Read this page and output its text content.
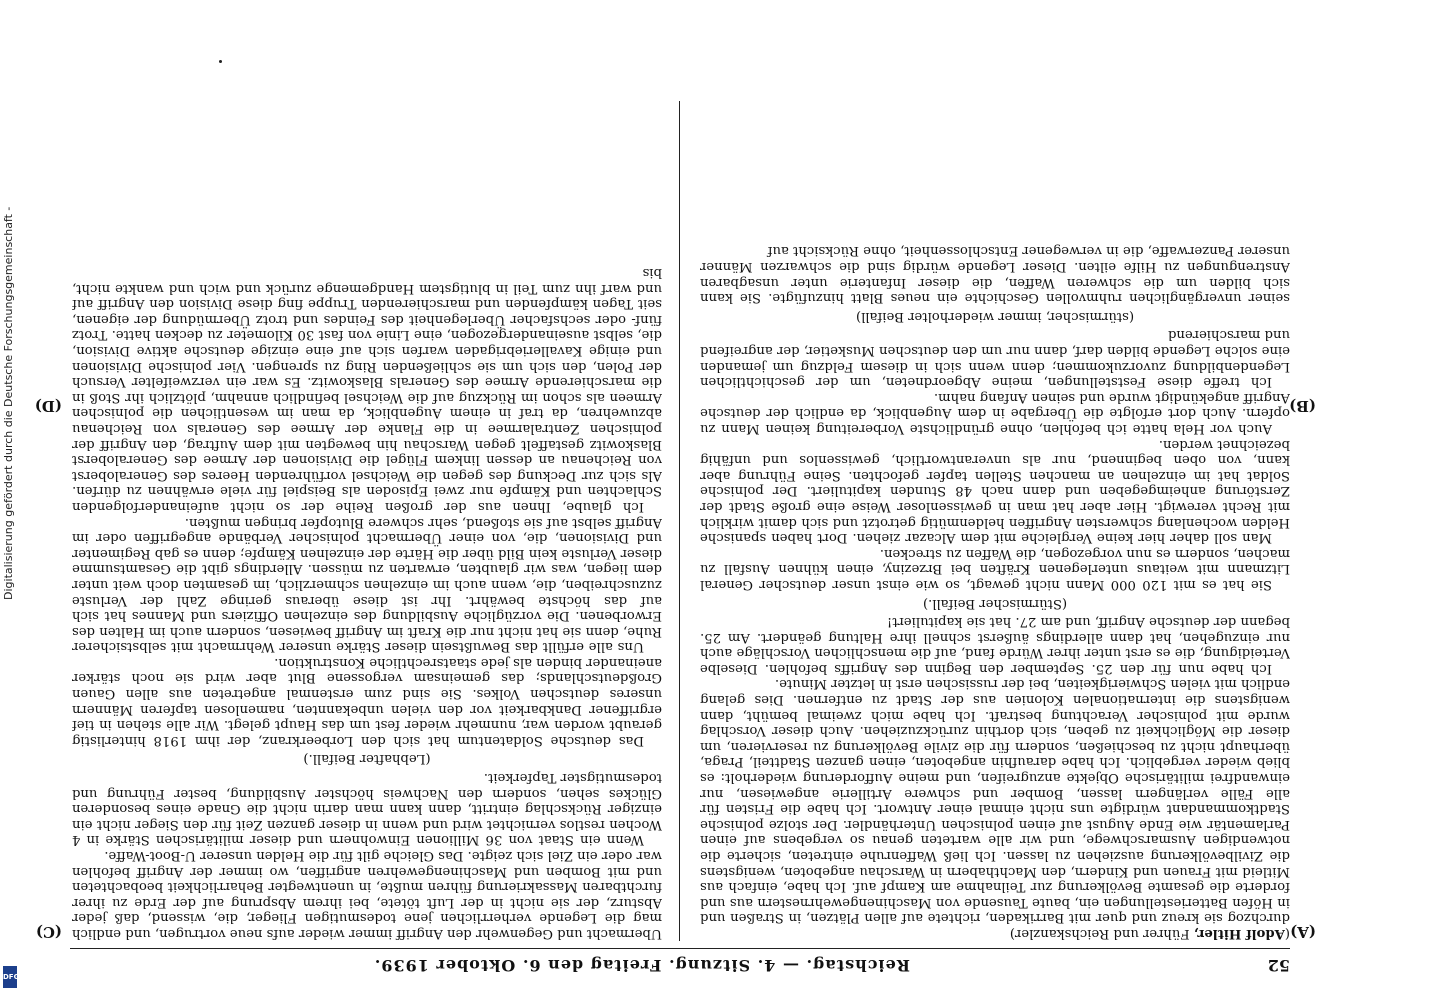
Digitalisierung gefördert durch die Deutsche Forschungsgemeinschaft -
DFG
52
Reichstag. — 4. Sitzung. Freitag den 6. Oktober 1939.
(A)
(B)
(C)
(D)

(Adolf Hitler, Führer und Reichskanzler)

durchzog sie kreuz und quer mit Barrikaden, richtete auf allen Plätzen, in Straßen und in Höfen Batteriestellungen ein, baute Tausende von Maschinengewehrnestern aus und forderte die gesamte Bevölkerung zur Teilnahme am Kampf auf. Ich habe, einfach aus Mitleid mit Frauen und Kindern, den Machthabern in Warschau angeboten, wenigstens die Zivilbevölkerung ausziehen zu lassen. Ich ließ Waffenruhe eintreten, sicherte die notwendigen Ausmarschwege, und wir alle warteten genau so vergebens auf einen Parlamentär wie Ende August auf einen polnischen Unterhändler. Der stolze polnische Stadtkommandant würdigte uns nicht einmal einer Antwort. Ich habe die Fristen für alle Fälle verlängern lassen, Bomber und schwere Artillerie angewiesen, nur einwandfrei militärische Objekte anzugreifen, und meine Aufforderung wiederholt: es blieb wieder vergeblich. Ich habe daraufhin angeboten, einen ganzen Stadtteil, Praga, überhaupt nicht zu beschießen, sondern für die zivile Bevölkerung zu reservieren, um dieser die Möglichkeit zu geben, sich dorthin zurückzuziehen. Auch dieser Vorschlag wurde mit polnischer Verachtung bestraft. Ich habe mich zweimal bemüht, dann wenigstens die internationalen Kolonien aus der Stadt zu entfernen. Dies gelang endlich mit vielen Schwierigkeiten, bei der russischen erst in letzter Minute.

Ich habe nun für den 25. September den Beginn des Angriffs befohlen. Dieselbe Verteidigung, die es erst unter ihrer Würde fand, auf die menschlichen Vorschläge auch nur einzugehen, hat dann allerdings äußerst schnell ihre Haltung geändert. Am 25. begann der deutsche Angriff, und am 27. hat sie kapituliert!

(Stürmischer Beifall.)

Sie hat es mit 120 000 Mann nicht gewagt, so wie einst unser deutscher General Litzmann mit weitaus unterlegenen Kräften bei Brzeziny, einen kühnen Ausfall zu machen, sondern es nun vorgezogen, die Waffen zu strecken.

Man soll daher hier keine Vergleiche mit dem Alcazar ziehen. Dort haben spanische Helden wochenlang schwersten Angriffen heldenmütig getrotzt und sich damit wirklich mit Recht verewigt. Hier aber hat man in gewissenloser Weise eine große Stadt der Zerstörung anheimgegeben und dann nach 48 Stunden kapituliert. Der polnische Soldat hat im einzelnen an manchen Stellen tapfer gefochten. Seine Führung aber kann, von oben beginnend, nur als unverantwortlich, gewissenlos und unfähig bezeichnet werden.

Auch vor Hela hatte ich befohlen, ohne gründlichste Vorbereitung keinen Mann zu opfern. Auch dort erfolgte die Übergabe in dem Augenblick, da endlich der deutsche Angriff angekündigt wurde und seinen Anfang nahm.

Ich treffe diese Feststellungen, meine Abgeordneten, um der geschichtlichen Legendenbildung zuvorzukommen; denn wenn sich in diesem Feldzug um jemanden eine solche Legende bilden darf, dann nur um den deutschen Musketier, der angreifend und marschierend

(stürmischer, immer wiederholter Beifall)

seiner unvergänglichen ruhmvollen Geschichte ein neues Blatt hinzufügte. Sie kann sich bilden um die schweren Waffen, die dieser Infanterie unter unsagbaren Anstrengungen zu Hilfe eilten. Dieser Legende würdig sind die schwarzen Männer unserer Panzerwaffe, die in verwegener Entschlossenheit, ohne Rücksicht auf

Übermacht und Gegenwehr den Angriff immer wieder aufs neue vortrugen, und endlich mag die Legende verherrlichen jene todesmutigen Flieger, die, wissend, daß jeder Absturz, der sie nicht in der Luft tötete, bei ihrem Absprung auf der Erde zu ihrer furchtbaren Massakrierung führen mußte, in unentwegter Beharrlichkeit beobachteten und mit Bomben und Maschinengewehren angriffen, wo immer der Angriff befohlen war oder ein Ziel sich zeigte. Das Gleiche gilt für die Helden unserer U-Boot-Waffe.

Wenn ein Staat von 36 Millionen Einwohnern und dieser militärischen Stärke in 4 Wochen restlos vernichtet wird und wenn in dieser ganzen Zeit für den Sieger nicht ein einziger Rückschlag eintritt, dann kann man darin nicht die Gnade eines besonderen Glückes sehen, sondern den Nachweis höchster Ausbildung, bester Führung und todesmutigster Tapferkeit.

(Lebhafter Beifall.)

Das deutsche Soldatentum hat sich den Lorbeerkranz, der ihm 1918 hinterlistig geraubt worden war, nunmehr wieder fest um das Haupt gelegt. Wir alle stehen in tief ergriffener Dankbarkeit vor den vielen unbekannten, namenlosen tapferen Männern unseres deutschen Volkes. Sie sind zum erstenmal angetreten aus allen Gauen Großdeutschlands; das gemeinsam vergossene Blut aber wird sie noch stärker aneinander binden als jede staatsrechtliche Konstruktion.

Uns alle erfüllt das Bewußtsein dieser Stärke unserer Wehrmacht mit selbstsicherer Ruhe, denn sie hat nicht nur die Kraft im Angriff bewiesen, sondern auch im Halten des Erworbenen. Die vorzügliche Ausbildung des einzelnen Offiziers und Mannes hat sich auf das höchste bewährt. Ihr ist diese überaus geringe Zahl der Verluste zuzuschreiben, die, wenn auch im einzelnen schmerzlich, im gesamten doch weit unter dem liegen, was wir glaubten, erwarten zu müssen. Allerdings gibt die Gesamtsumme dieser Verluste kein Bild über die Härte der einzelnen Kämpfe; denn es gab Regimenter und Divisionen, die, von einer Übermacht polnischer Verbände angegriffen oder im Angriff selbst auf sie stoßend, sehr schwere Blutopfer bringen mußten.

Ich glaube, Ihnen aus der großen Reihe der so nicht aufeinanderfolgenden Schlachten und Kämpfe nur zwei Episoden als Beispiel für viele erwähnen zu dürfen. Als sich zur Deckung des gegen die Weichsel vorführenden Heeres des Generaloberst von Reichenau an dessen linkem Flügel die Divisionen der Armee des Generaloberst Blaskowitz gestaffelt gegen Warschau hin bewegten mit dem Auftrag, den Angriff der polnischen Zentralarmee in die Flanke der Armee des Generals von Reichenau abzuwehren, da traf in einem Augenblick, da man im wesentlichen die polnischen Armeen als schon im Rückzug auf die Weichsel befindlich annahm, plötzlich ihr Stoß in die marschierende Armee des Generals Blaskowitz. Es war ein verzweifelter Versuch der Polen, den sich um sie schließenden Ring zu sprengen. Vier polnische Divisionen und einige Kavalleriebrigaden warfen sich auf eine einzige deutsche aktive Division, die, selbst auseinandergezogen, eine Linie von fast 30 Kilometer zu decken hatte. Trotz fünf- oder sechsfacher Überlegenheit des Feindes und trotz Übermüdung der eigenen, seit Tagen kämpfenden und marschierenden Truppe fing diese Division den Angriff auf und warf ihn zum Teil in blutigstem Handgemenge zurück und wich und wankte nicht, bis
